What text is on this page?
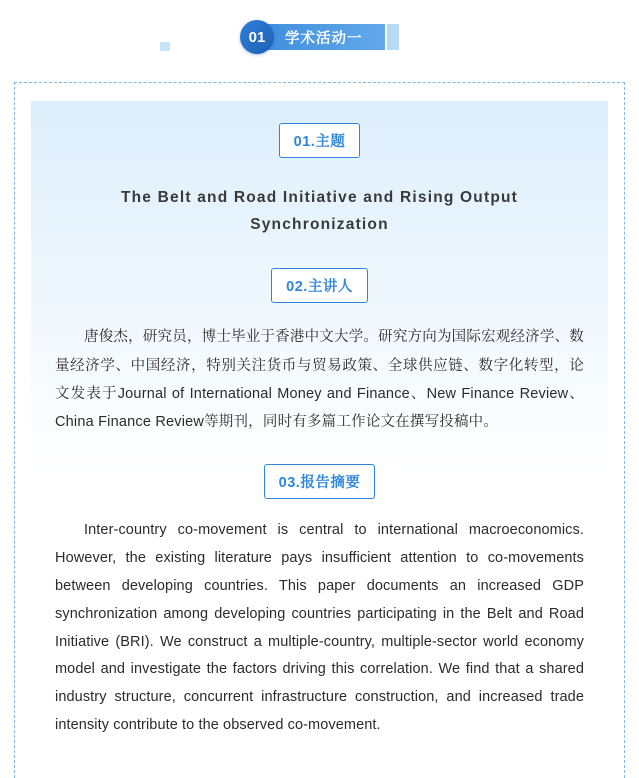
01	学术活动一
01.主题
The Belt and Road Initiative and Rising Output Synchronization
02.主讲人
唐俊杰，研究员，博士毕业于香港中文大学。研究方向为国际宏观经济学、数量经济学、中国经济，特别关注货币与贸易政策、全球供应链、数字化转型，论文发表于Journal of International Money and Finance、New Finance Review、China Finance Review等期刊，同时有多篇工作论文在撰写投稿中。
03.报告摘要
Inter-country co-movement is central to international macroeconomics. However, the existing literature pays insufficient attention to co-movements between developing countries. This paper documents an increased GDP synchronization among developing countries participating in the Belt and Road Initiative (BRI). We construct a multiple-country, multiple-sector world economy model and investigate the factors driving this correlation. We find that a shared industry structure, concurrent infrastructure construction, and increased trade intensity contribute to the observed co-movement.
